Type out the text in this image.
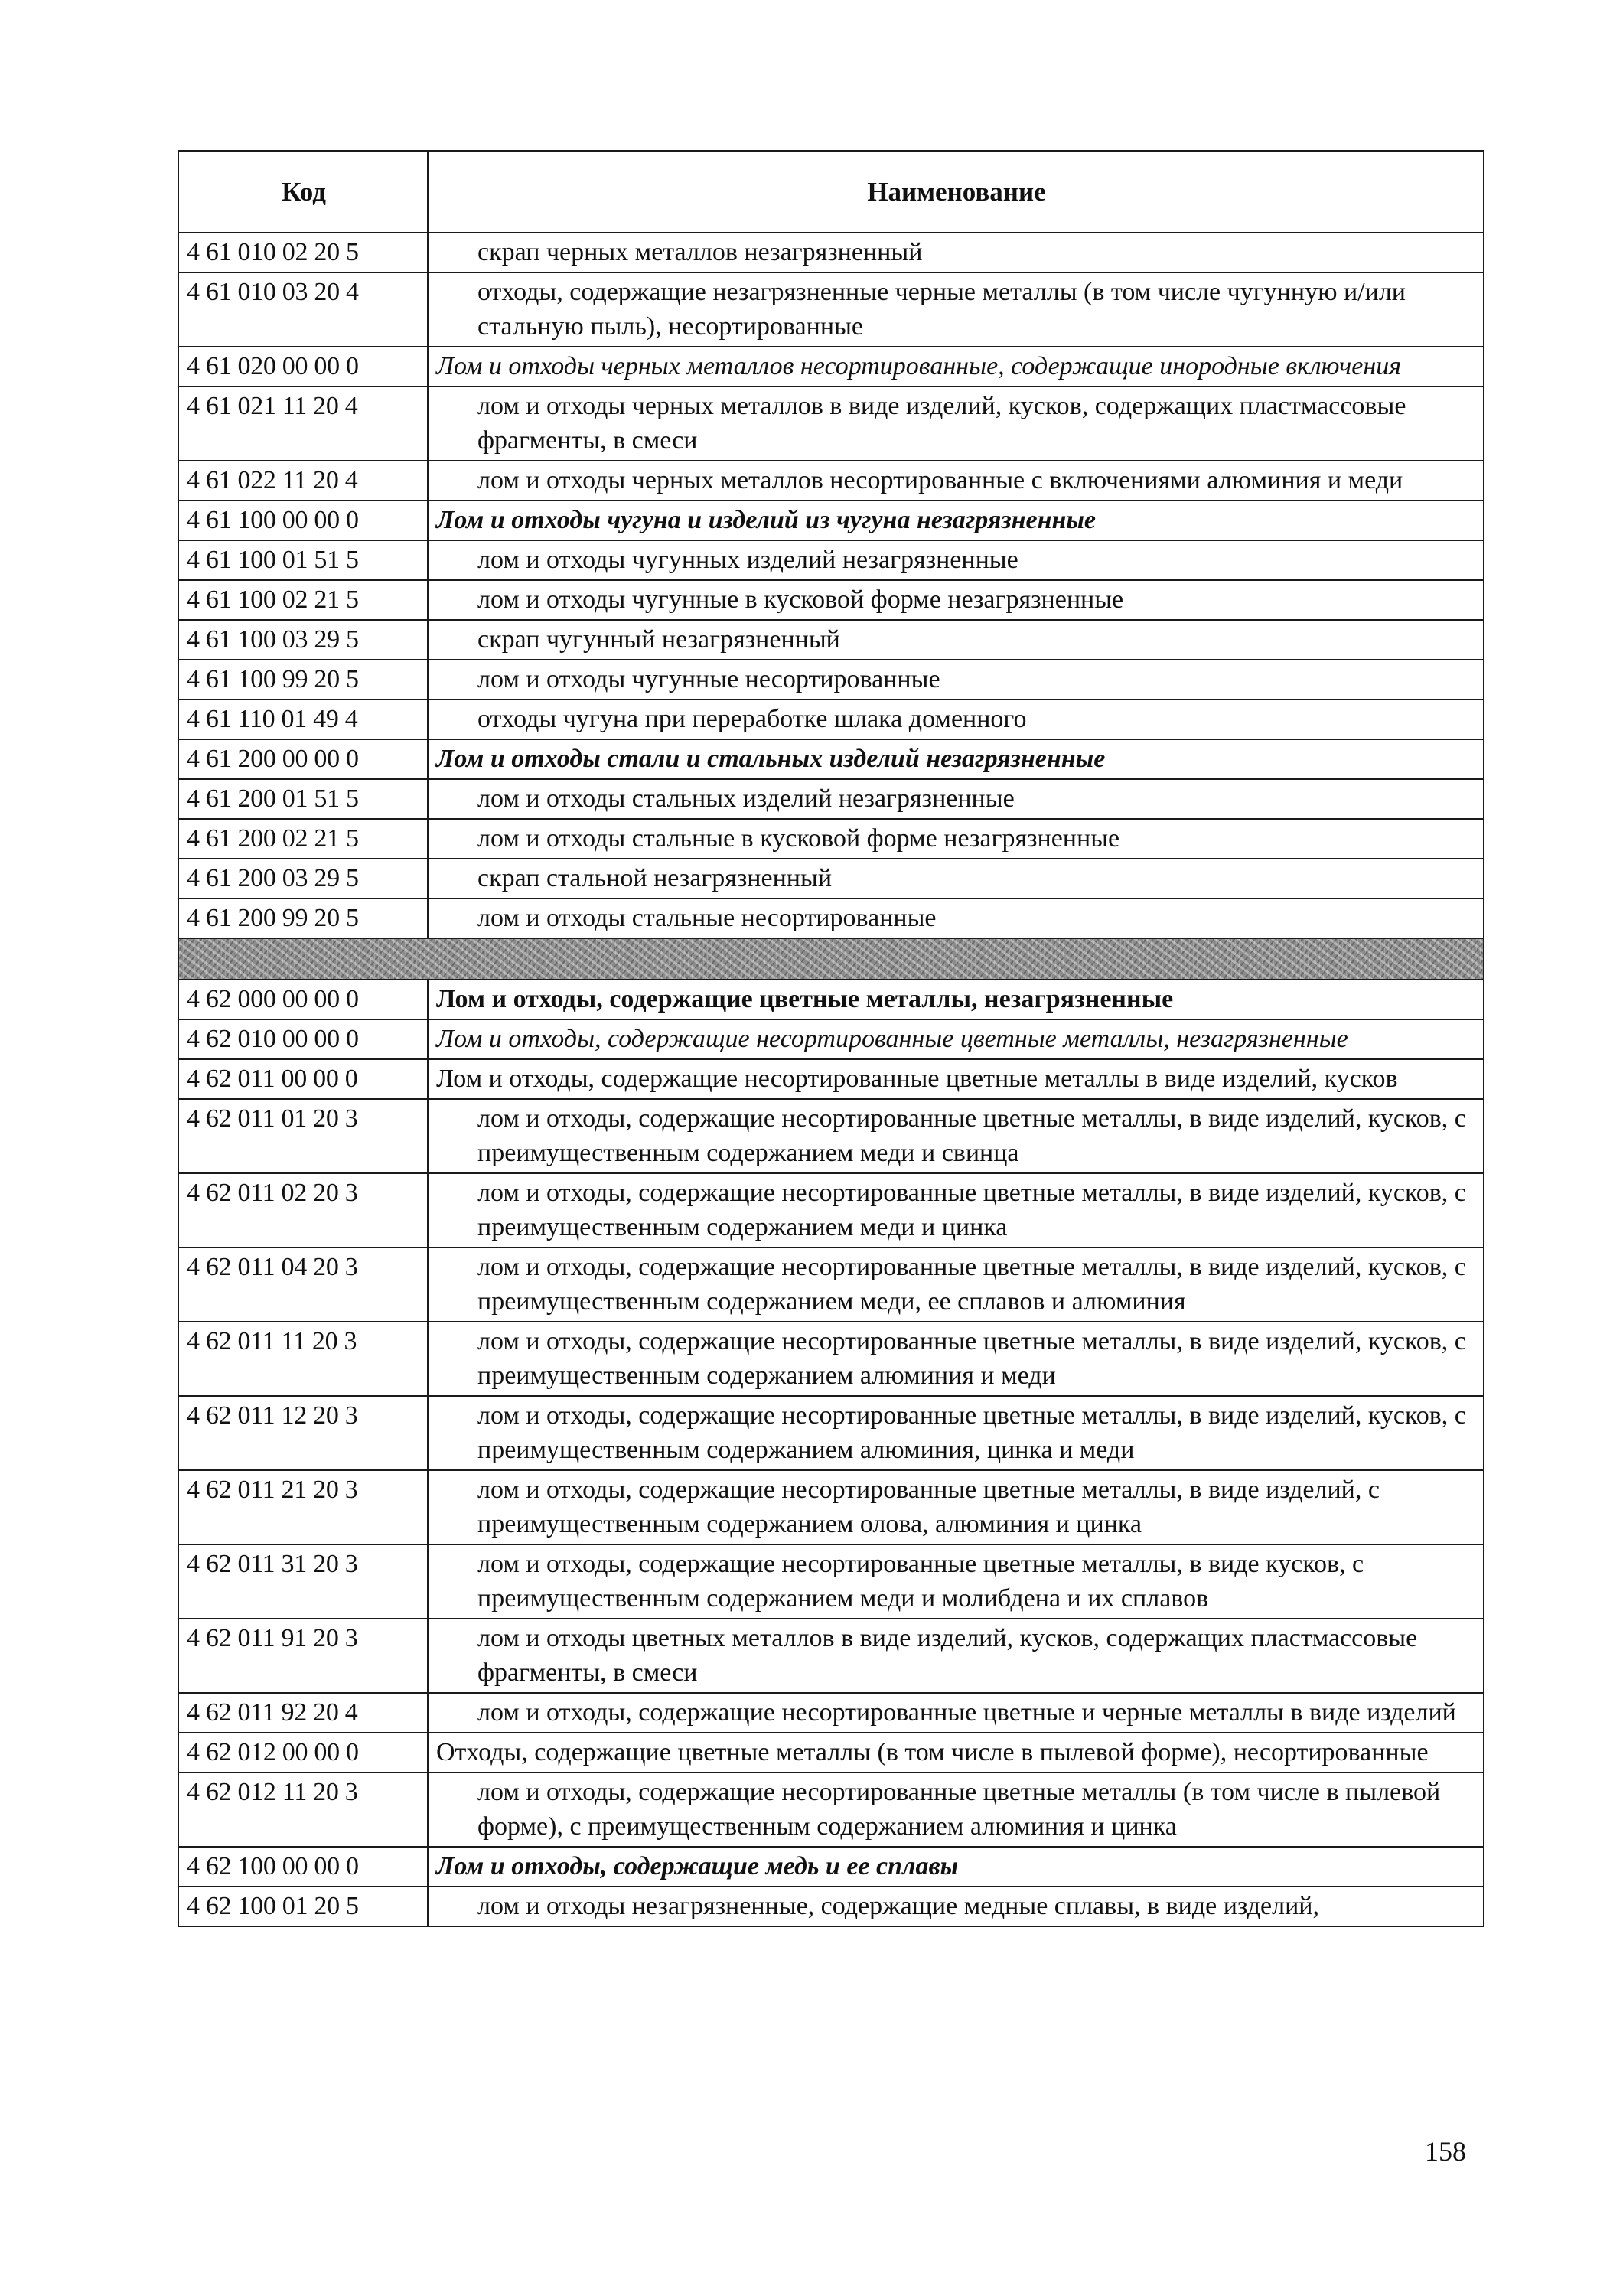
Код	Наименование
4 61 010 02 20 5	скрап черных металлов незагрязненный
4 61 010 03 20 4	отходы, содержащие незагрязненные черные металлы (в том числе чугунную и/или стальную пыль), несортированные
4 61 020 00 00 0	Лом и отходы черных металлов несортированные, содержащие инородные включения
4 61 021 11 20 4	лом и отходы черных металлов в виде изделий, кусков, содержащих пластмассовые фрагменты, в смеси
4 61 022 11 20 4	лом и отходы черных металлов несортированные с включениями алюминия и меди
4 61 100 00 00 0	Лом и отходы чугуна и изделий из чугуна незагрязненные
4 61 100 01 51 5	лом и отходы чугунных изделий незагрязненные
4 61 100 02 21 5	лом и отходы чугунные в кусковой форме незагрязненные
4 61 100 03 29 5	скрап чугунный незагрязненный
4 61 100 99 20 5	лом и отходы чугунные несортированные
4 61 110 01 49 4	отходы чугуна при переработке шлака доменного
4 61 200 00 00 0	Лом и отходы стали и стальных изделий незагрязненные
4 61 200 01 51 5	лом и отходы стальных изделий незагрязненные
4 61 200 02 21 5	лом и отходы стальные в кусковой форме незагрязненные
4 61 200 03 29 5	скрап стальной незагрязненный
4 61 200 99 20 5	лом и отходы стальные несортированные

4 62 000 00 00 0	Лом и отходы, содержащие цветные металлы, незагрязненные
4 62 010 00 00 0	Лом и отходы, содержащие несортированные цветные металлы, незагрязненные
4 62 011 00 00 0	Лом и отходы, содержащие несортированные цветные металлы в виде изделий, кусков
4 62 011 01 20 3	лом и отходы, содержащие несортированные цветные металлы, в виде изделий, кусков, с преимущественным содержанием меди и свинца
4 62 011 02 20 3	лом и отходы, содержащие несортированные цветные металлы, в виде изделий, кусков, с преимущественным содержанием меди и цинка
4 62 011 04 20 3	лом и отходы, содержащие несортированные цветные металлы, в виде изделий, кусков, с преимущественным содержанием меди, ее сплавов и алюминия
4 62 011 11 20 3	лом и отходы, содержащие несортированные цветные металлы, в виде изделий, кусков, с преимущественным содержанием алюминия и меди
4 62 011 12 20 3	лом и отходы, содержащие несортированные цветные металлы, в виде изделий, кусков, с преимущественным содержанием алюминия, цинка и меди
4 62 011 21 20 3	лом и отходы, содержащие несортированные цветные металлы, в виде изделий, с преимущественным содержанием олова, алюминия и цинка
4 62 011 31 20 3	лом и отходы, содержащие несортированные цветные металлы, в виде кусков, с преимущественным содержанием меди и молибдена и их сплавов
4 62 011 91 20 3	лом и отходы цветных металлов в виде изделий, кусков, содержащих пластмассовые фрагменты, в смеси
4 62 011 92 20 4	лом и отходы, содержащие несортированные цветные и черные металлы в виде изделий
4 62 012 00 00 0	Отходы, содержащие цветные металлы (в том числе в пылевой форме), несортированные
4 62 012 11 20 3	лом и отходы, содержащие несортированные цветные металлы (в том числе в пылевой форме), с преимущественным содержанием алюминия и цинка
4 62 100 00 00 0	Лом и отходы, содержащие медь и ее сплавы
4 62 100 01 20 5	лом и отходы незагрязненные, содержащие медные сплавы, в виде изделий,
158
